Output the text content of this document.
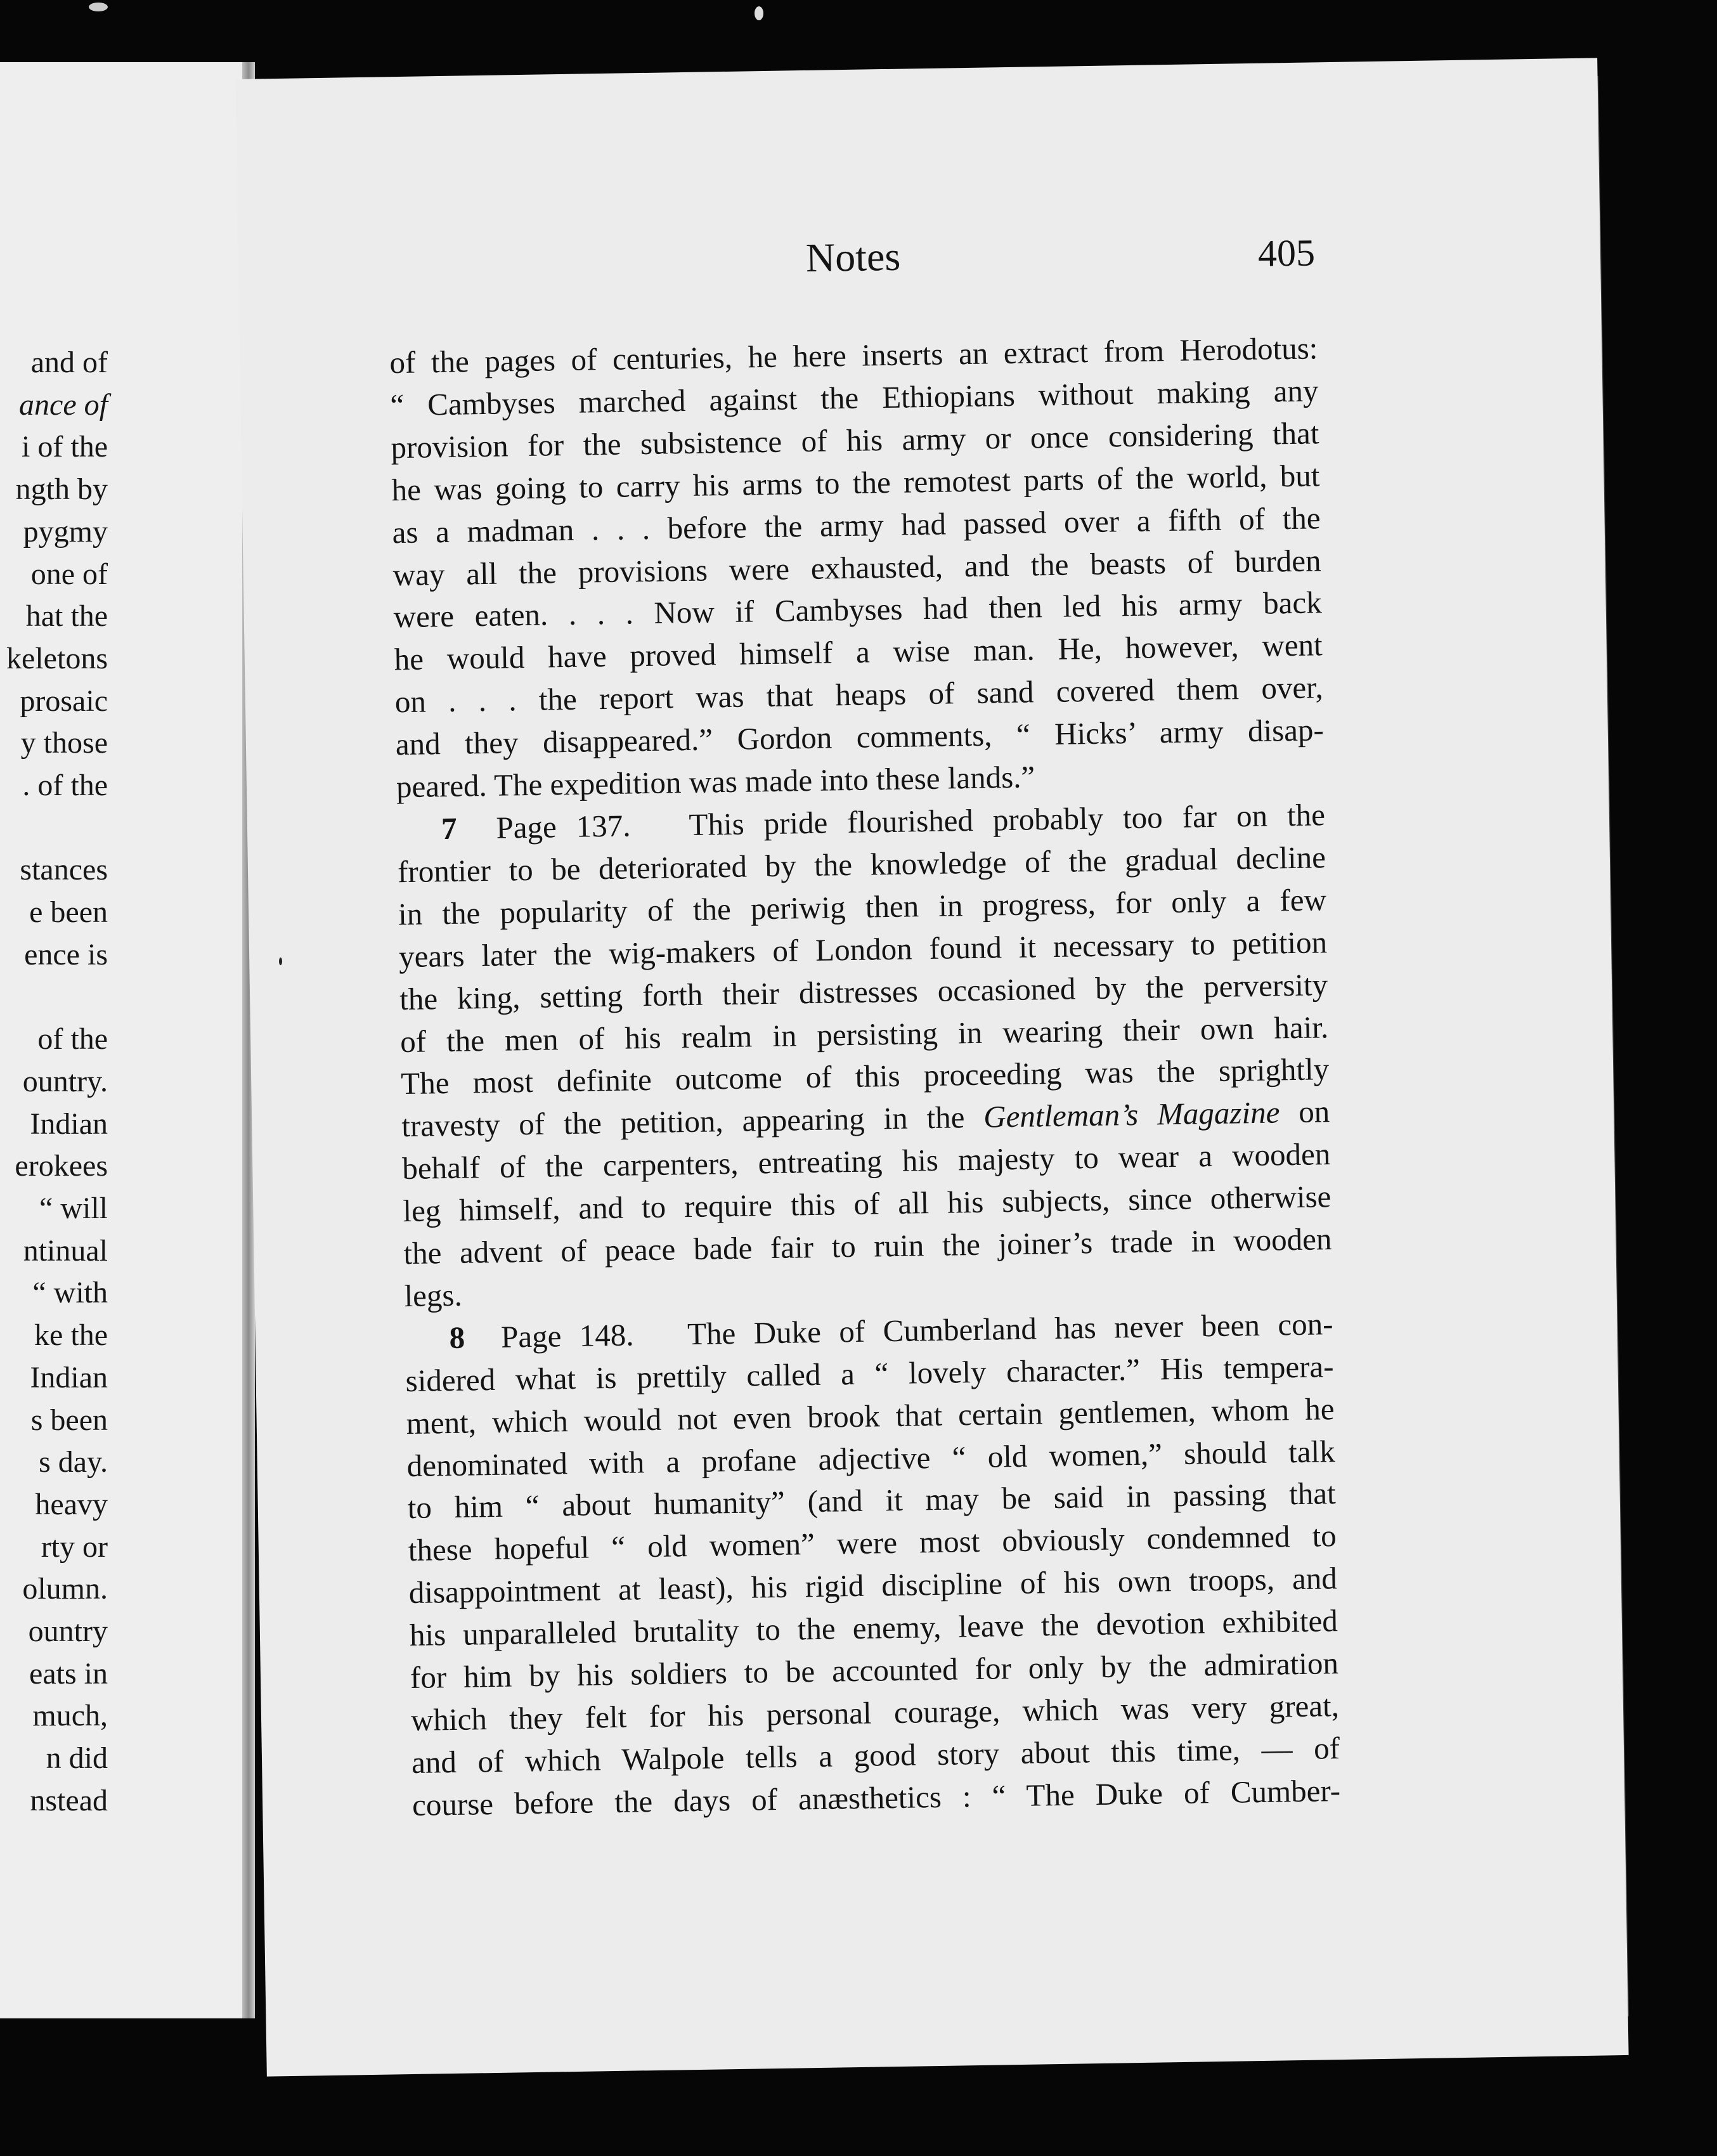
and of
ance of
i of the
ngth by
pygmy
one of
hat the
keletons
prosaic
y those
. of the
stances
e been
ence is
of the
ountry.
Indian
erokees
“ will
ntinual
“ with
ke the
Indian
s been
s day.
heavy
rty or
olumn.
ountry
eats in
much,
n did
nstead
Notes	405
of the pages of centuries, he here inserts an extract from Herodotus:
“ Cambyses marched against the Ethiopians without making any
provision for the subsistence of his army or once considering that
he was going to carry his arms to the remotest parts of the world, but
as a madman . . . before the army had passed over a fifth of the
way all the provisions were exhausted, and the beasts of burden
were eaten. . . . Now if Cambyses had then led his army back
he would have proved himself a wise man. He, however, went
on . . . the report was that heaps of sand covered them over,
and they disappeared.” Gordon comments, “ Hicks’ army disap-
peared. The expedition was made into these lands.”
7 Page 137. This pride flourished probably too far on the
frontier to be deteriorated by the knowledge of the gradual decline
in the popularity of the periwig then in progress, for only a few
years later the wig-makers of London found it necessary to petition
the king, setting forth their distresses occasioned by the perversity
of the men of his realm in persisting in wearing their own hair.
The most definite outcome of this proceeding was the sprightly
travesty of the petition, appearing in the Gentleman’s Magazine on
behalf of the carpenters, entreating his majesty to wear a wooden
leg himself, and to require this of all his subjects, since otherwise
the advent of peace bade fair to ruin the joiner’s trade in wooden
legs.
8 Page 148. The Duke of Cumberland has never been con-
sidered what is prettily called a “ lovely character.” His tempera-
ment, which would not even brook that certain gentlemen, whom he
denominated with a profane adjective “ old women,” should talk
to him “ about humanity” (and it may be said in passing that
these hopeful “ old women” were most obviously condemned to
disappointment at least), his rigid discipline of his own troops, and
his unparalleled brutality to the enemy, leave the devotion exhibited
for him by his soldiers to be accounted for only by the admiration
which they felt for his personal courage, which was very great,
and of which Walpole tells a good story about this time, — of
course before the days of anæsthetics : “ The Duke of Cumber-
